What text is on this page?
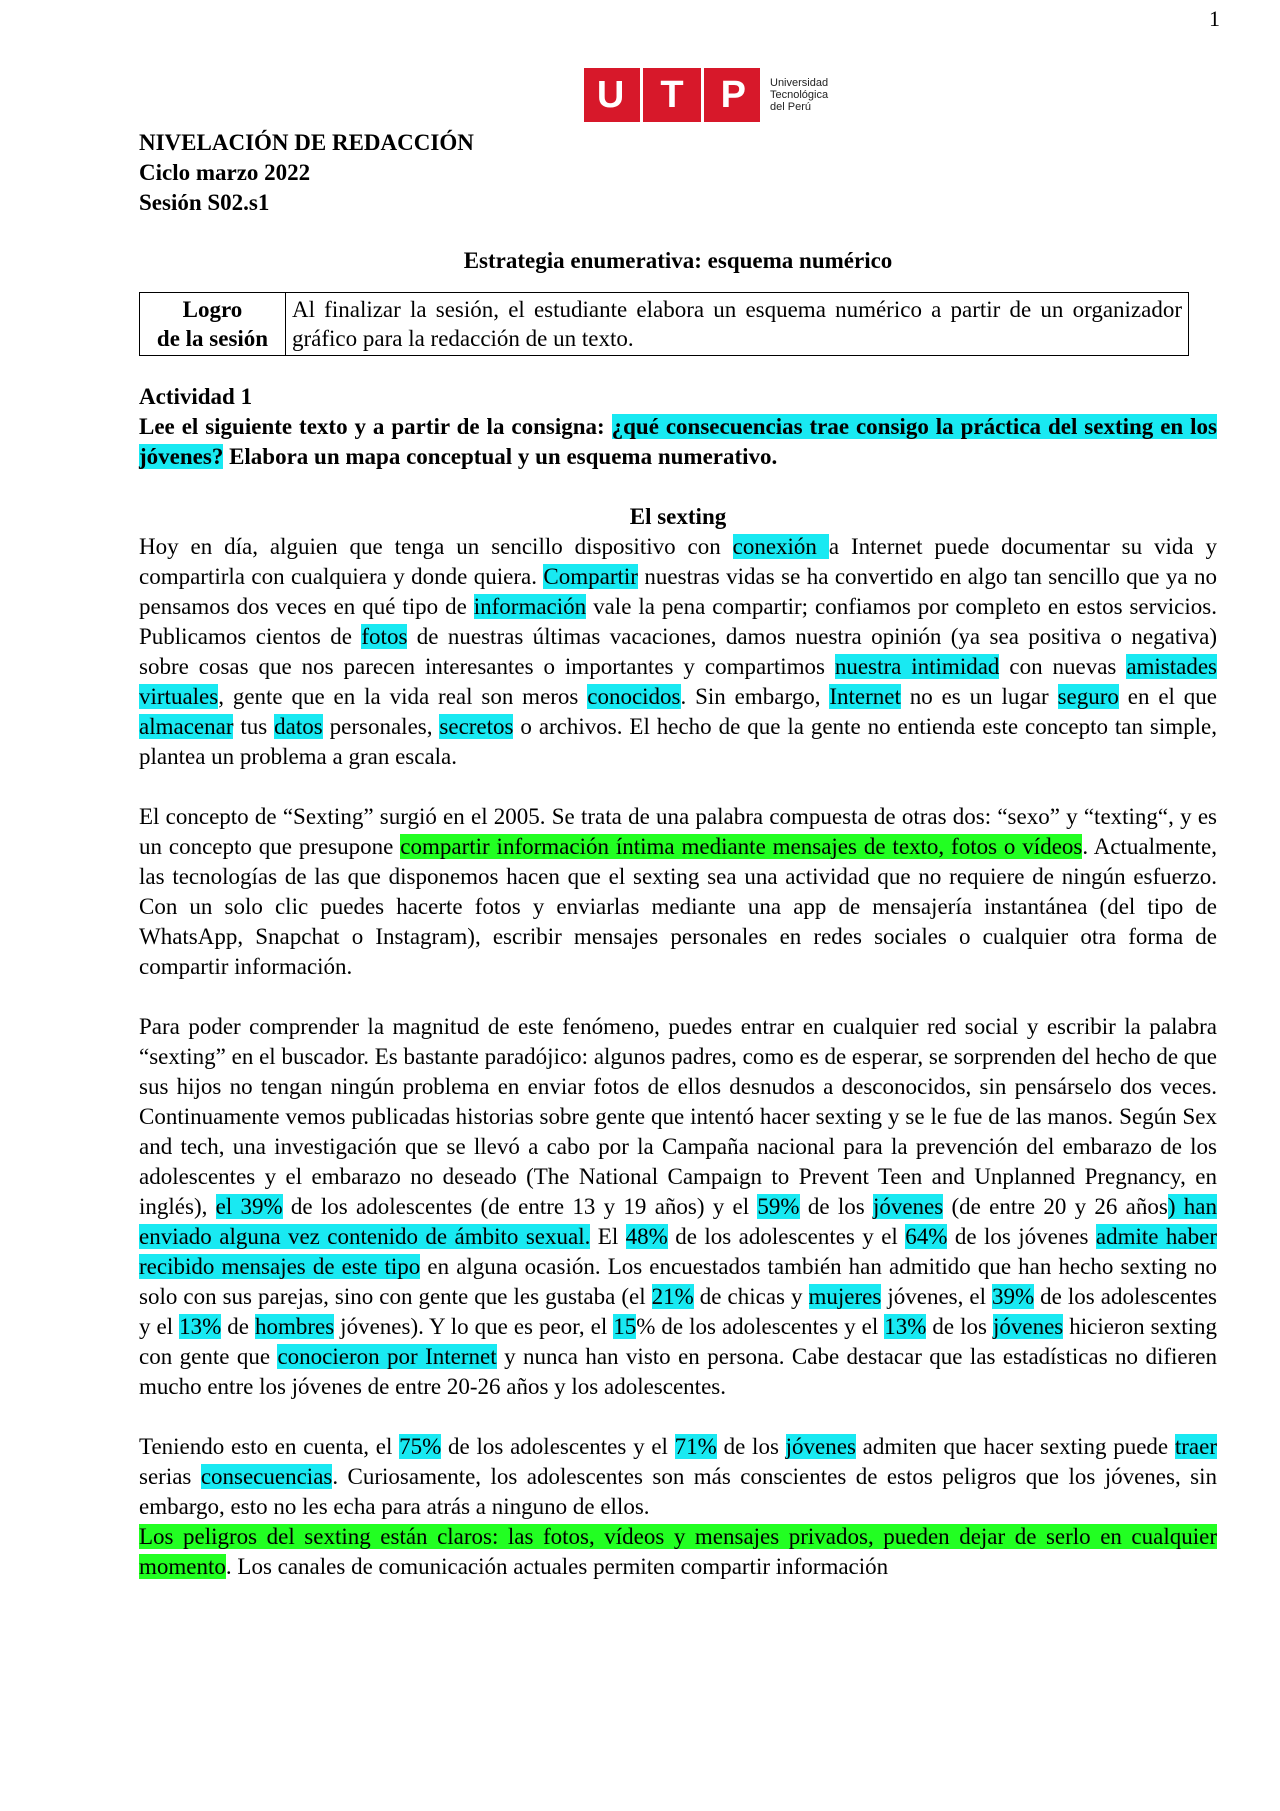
1
U T P	Universidad
Tecnológica
del Perú

NIVELACIÓN DE REDACCIÓN

Ciclo marzo 2022

Sesión S02.s1

Estrategia enumerativa: esquema numérico
Logro
de la sesión
	Al finalizar la sesión, el estudiante elabora un esquema numérico a partir de un organizador gráfico para la redacción de un texto.

Actividad 1

Lee el siguiente texto y a partir de la consigna: ¿qué consecuencias trae consigo la práctica del sexting en los jóvenes? Elabora un mapa conceptual y un esquema numerativo.

El sexting

Hoy en día, alguien que tenga un sencillo dispositivo con conexión a Internet puede documentar su vida y compartirla con cualquiera y donde quiera. Compartir nuestras vidas se ha convertido en algo tan sencillo que ya no pensamos dos veces en qué tipo de información vale la pena compartir; confiamos por completo en estos servicios. Publicamos cientos de fotos de nuestras últimas vacaciones, damos nuestra opinión (ya sea positiva o negativa) sobre cosas que nos parecen interesantes o importantes y compartimos nuestra intimidad con nuevas amistades virtuales, gente que en la vida real son meros conocidos. Sin embargo, Internet no es un lugar seguro en el que almacenar tus datos personales, secretos o archivos. El hecho de que la gente no entienda este concepto tan simple, plantea un problema a gran escala.

El concepto de “Sexting” surgió en el 2005. Se trata de una palabra compuesta de otras dos: “sexo” y “texting“, y es un concepto que presupone compartir información íntima mediante mensajes de texto, fotos o vídeos. Actualmente, las tecnologías de las que disponemos hacen que el sexting sea una actividad que no requiere de ningún esfuerzo. Con un solo clic puedes hacerte fotos y enviarlas mediante una app de mensajería instantánea (del tipo de WhatsApp, Snapchat o Instagram), escribir mensajes personales en redes sociales o cualquier otra forma de compartir información.

Para poder comprender la magnitud de este fenómeno, puedes entrar en cualquier red social y escribir la palabra “sexting” en el buscador. Es bastante paradójico: algunos padres, como es de esperar, se sorprenden del hecho de que sus hijos no tengan ningún problema en enviar fotos de ellos desnudos a desconocidos, sin pensárselo dos veces. Continuamente vemos publicadas historias sobre gente que intentó hacer sexting y se le fue de las manos. Según Sex and tech, una investigación que se llevó a cabo por la Campaña nacional para la prevención del embarazo de los adolescentes y el embarazo no deseado (The National Campaign to Prevent Teen and Unplanned Pregnancy, en inglés), el 39% de los adolescentes (de entre 13 y 19 años) y el 59% de los jóvenes (de entre 20 y 26 años) han enviado alguna vez contenido de ámbito sexual. El 48% de los adolescentes y el 64% de los jóvenes admite haber recibido mensajes de este tipo en alguna ocasión. Los encuestados también han admitido que han hecho sexting no solo con sus parejas, sino con gente que les gustaba (el 21% de chicas y mujeres jóvenes, el 39% de los adolescentes y el 13% de hombres jóvenes). Y lo que es peor, el 15% de los adolescentes y el 13% de los jóvenes hicieron sexting con gente que conocieron por Internet y nunca han visto en persona. Cabe destacar que las estadísticas no difieren mucho entre los jóvenes de entre 20-26 años y los adolescentes.

Teniendo esto en cuenta, el 75% de los adolescentes y el 71% de los jóvenes admiten que hacer sexting puede traer serias consecuencias. Curiosamente, los adolescentes son más conscientes de estos peligros que los jóvenes, sin embargo, esto no les echa para atrás a ninguno de ellos.

Los peligros del sexting están claros: las fotos, vídeos y mensajes privados, pueden dejar de serlo en cualquier momento. Los canales de comunicación actuales permiten compartir información
